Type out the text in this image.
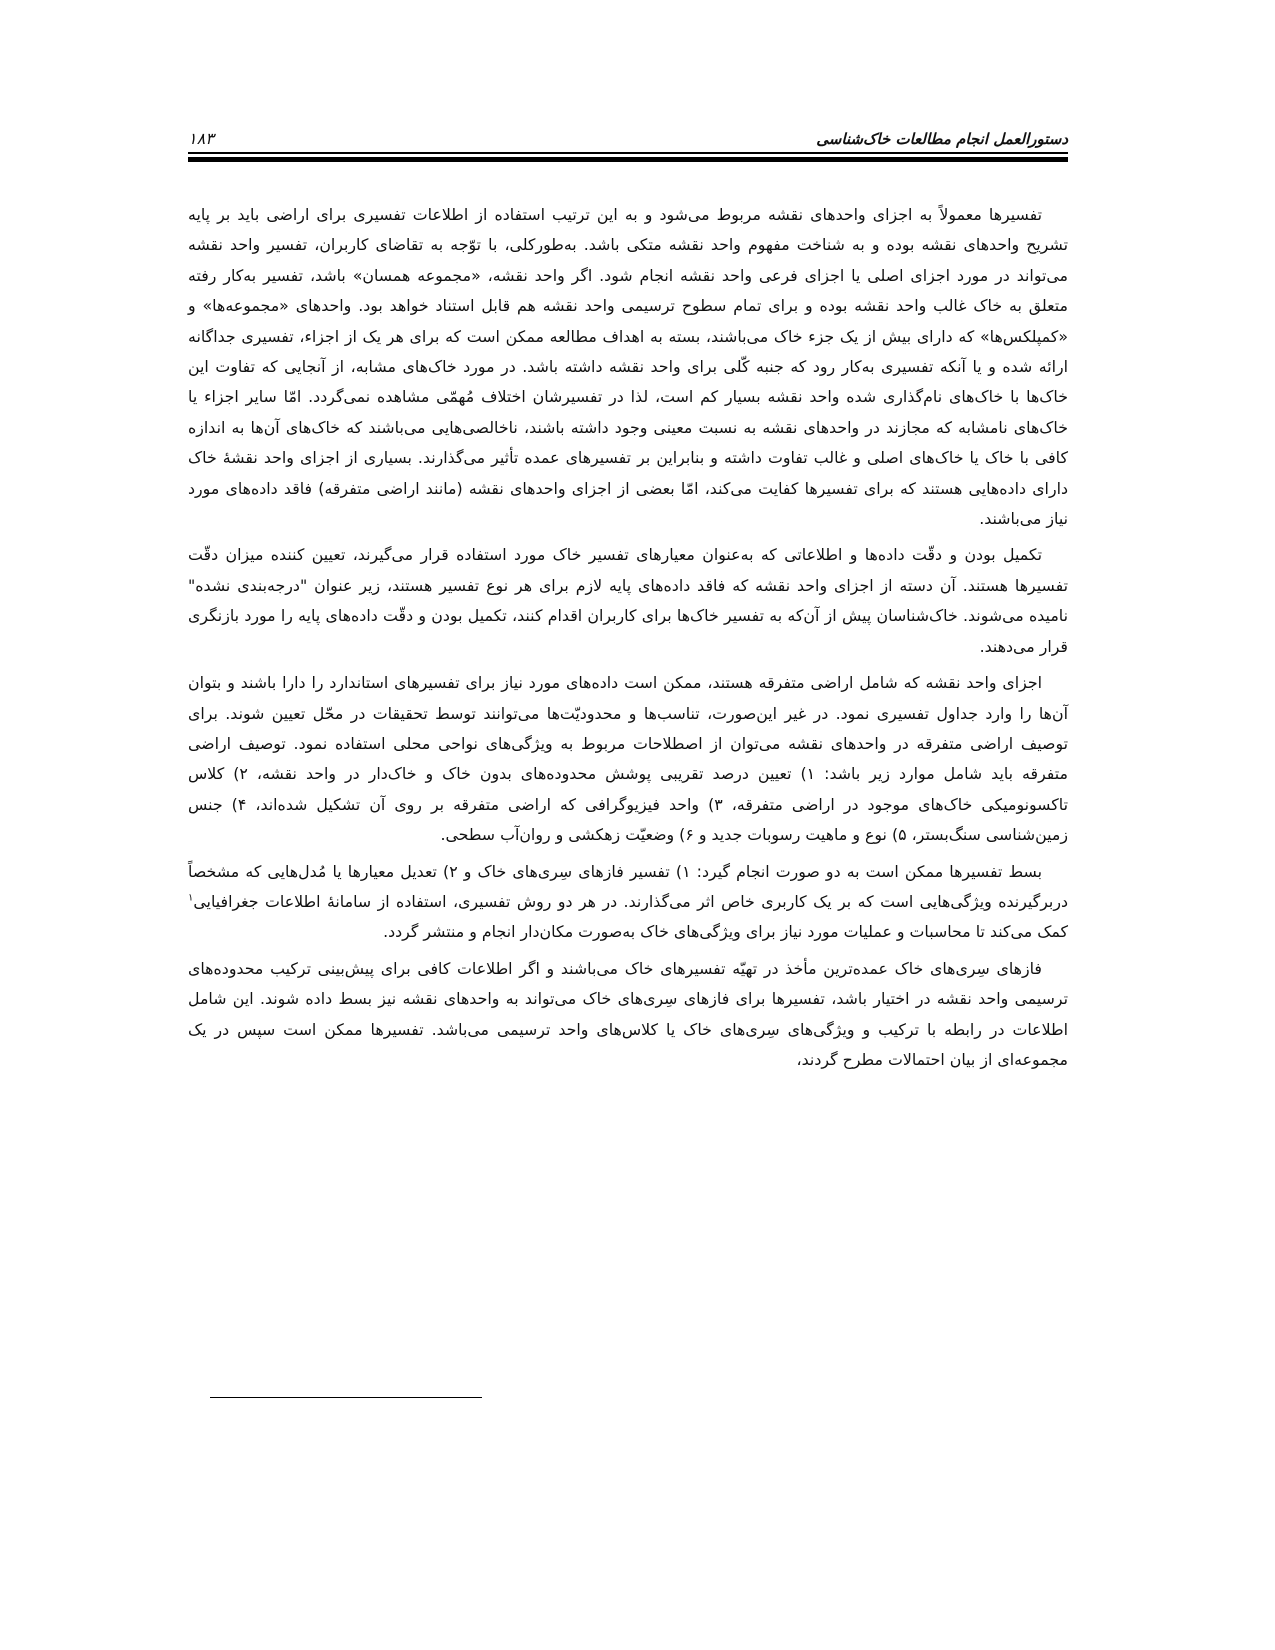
دستورالعمل انجام مطالعات خاک‌شناسی
۱۸۳

تفسیرها معمولاً به اجزای واحدهای نقشه مربوط می‌شود و به این ترتیب استفاده از اطلاعات تفسیری برای اراضی باید بر پایه تشریح واحدهای نقشه بوده و به شناخت مفهوم واحد نقشه متکی باشد. به‌طورکلی، با توّجه به تقاضای کاربران، تفسیر واحد نقشه می‌تواند در مورد اجزای اصلی یا اجزای فرعی واحد نقشه انجام شود. اگر واحد نقشه، «مجموعه همسان» باشد، تفسیر به‌کار رفته متعلق به خاک غالب واحد نقشه بوده و برای تمام سطوح ترسیمی واحد نقشه هم قابل استناد خواهد بود. واحدهای «مجموعه‌ها» و «کمپلکس‌ها» که دارای بیش از یک جزء خاک می‌باشند، بسته به اهداف مطالعه ممکن است که برای هر یک از اجزاء، تفسیری جداگانه ارائه شده و یا آنکه تفسیری به‌کار رود که جنبه کّلی برای واحد نقشه داشته باشد. در مورد خاک‌های مشابه، از آنجایی که تفاوت این خاک‌ها با خاک‌های نام‌گذاری شده واحد نقشه بسیار کم است، لذا در تفسیرشان اختلاف مُهمّی مشاهده نمی‌گردد. امّا سایر اجزاء یا خاک‌های نامشابه که مجازند در واحدهای نقشه به نسبت معینی وجود داشته باشند، ناخالصی‌هایی می‌باشند که خاک‌های آن‌ها به اندازه کافی با خاک یا خاک‌های اصلی و غالب تفاوت داشته و بنابراین بر تفسیرهای عمده تأثیر می‌گذارند. بسیاری از اجزای واحد نقشهٔ خاک دارای داده‌هایی هستند که برای تفسیرها کفایت می‌کند، امّا بعضی از اجزای واحدهای نقشه (مانند اراضی متفرقه) فاقد داده‌های مورد نیاز می‌باشند.

تکمیل بودن و دقّت داده‌ها و اطلاعاتی که به‌عنوان معیارهای تفسیر خاک مورد استفاده قرار می‌گیرند، تعیین کننده میزان دقّت تفسیرها هستند. آن دسته از اجزای واحد نقشه که فاقد داده‌های پایه لازم برای هر نوع تفسیر هستند، زیر عنوان "درجه‌بندی نشده" نامیده می‌شوند. خاک‌شناسان پیش از آن‌که به تفسیر خاک‌ها برای کاربران اقدام کنند، تکمیل بودن و دقّت داده‌های پایه را مورد بازنگری قرار می‌دهند.

اجزای واحد نقشه که شامل اراضی متفرقه هستند، ممکن است داده‌های مورد نیاز برای تفسیرهای استاندارد را دارا باشند و بتوان آن‌ها را وارد جداول تفسیری نمود. در غیر این‌صورت، تناسب‌ها و محدودیّت‌ها می‌توانند توسط تحقیقات در محّل تعیین شوند. برای توصیف اراضی متفرقه در واحدهای نقشه می‌توان از اصطلاحات مربوط به ویژگی‌های نواحی محلی استفاده نمود. توصیف اراضی متفرقه باید شامل موارد زیر باشد: ۱) تعیین درصد تقریبی پوشش محدوده‌های بدون خاک و خاک‌دار در واحد نقشه، ۲) کلاس تاکسونومیکی خاک‌های موجود در اراضی متفرقه، ۳) واحد فیزیوگرافی که اراضی متفرقه بر روی آن تشکیل شده‌اند، ۴) جنس زمین‌شناسی سنگ‌بستر، ۵) نوع و ماهیت رسوبات جدید و ۶) وضعیّت زهکشی و روان‌آب سطحی.

بسط تفسیرها ممکن است به دو صورت انجام گیرد: ۱) تفسیر فازهای سِری‌های خاک و ۲) تعدیل معیارها یا مُدل‌هایی که مشخصاً دربرگیرنده ویژگی‌هایی است که بر یک کاربری خاص اثر می‌گذارند. در هر دو روش تفسیری، استفاده از سامانهٔ اطلاعات جغرافیایی$^۱$ کمک می‌کند تا محاسبات و عملیات مورد نیاز برای ویژگی‌های خاک به‌صورت مکان‌دار انجام و منتشر گردد.

فازهای سِری‌های خاک عمده‌ترین مأخذ در تهیّه تفسیرهای خاک می‌باشند و اگر اطلاعات کافی برای پیش‌بینی ترکیب محدوده‌های ترسیمی واحد نقشه در اختیار باشد، تفسیرها برای فازهای سِری‌های خاک می‌تواند به واحدهای نقشه نیز بسط داده شوند. این شامل اطلاعات در رابطه با ترکیب و ویژگی‌های سِری‌های خاک یا کلاس‌های واحد ترسیمی می‌باشد. تفسیرها ممکن است سپس در یک مجموعه‌ای از بیان احتمالات مطرح گردند،
